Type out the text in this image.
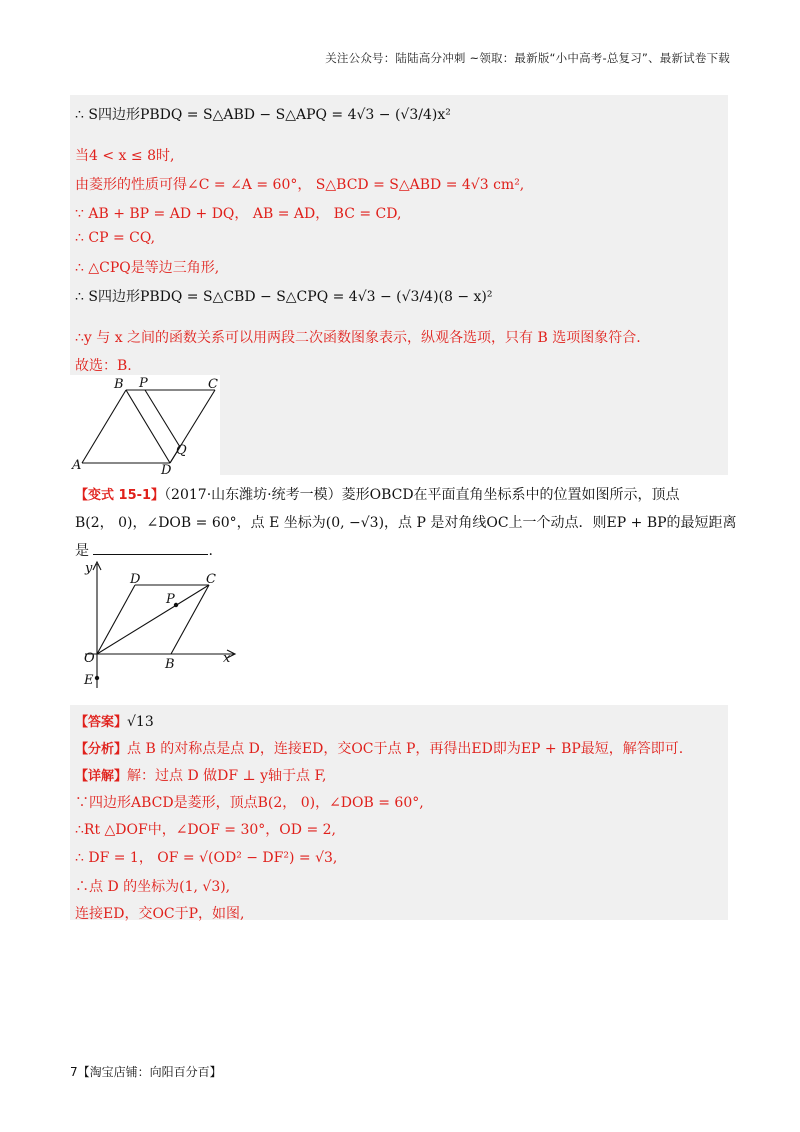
关注公众号：陆陆高分冲刺 ~领取：最新版“小中高考-总复习”、最新试卷下载
∴ S四边形PBDQ = S△ABD − S△APQ = 4√3 − (√3/4)x²
当4 < x ≤ 8时,
由菱形的性质可得∠C = ∠A = 60°， S△BCD = S△ABD = 4√3 cm²,
∵ AB + BP = AD + DQ， AB = AD， BC = CD,
∴ CP = CQ,
∴ △CPQ是等边三角形,
∴ S四边形PBDQ = S△CBD − S△CPQ = 4√3 − (√3/4)(8 − x)²
∴y 与 x 之间的函数关系可以用两段二次函数图象表示，纵观各选项，只有 B 选项图象符合.
故选：B.
B P	C
Q
A	D
【变式 15-1】（2017·山东潍坊·统考一模）菱形OBCD在平面直角坐标系中的位置如图所示，顶点
B(2， 0)，∠DOB = 60°，点 E 坐标为(0, −√3)，点 P 是对角线OC上一个动点．则EP + BP的最短距离
是	.
y
x
O	B
C
D
P
E
【答案】√13
【分析】点 B 的对称点是点 D，连接ED，交OC于点 P，再得出ED即为EP + BP最短，解答即可.
【详解】解：过点 D 做DF ⊥ y轴于点 F,
∵四边形ABCD是菱形，顶点B(2， 0)，∠DOB = 60°,
∴Rt △DOF中，∠DOF = 30°，OD = 2,
∴ DF = 1， OF = √(OD² − DF²) = √3,
∴点 D 的坐标为(1, √3),
连接ED，交OC于P，如图,
7【淘宝店铺：向阳百分百】
